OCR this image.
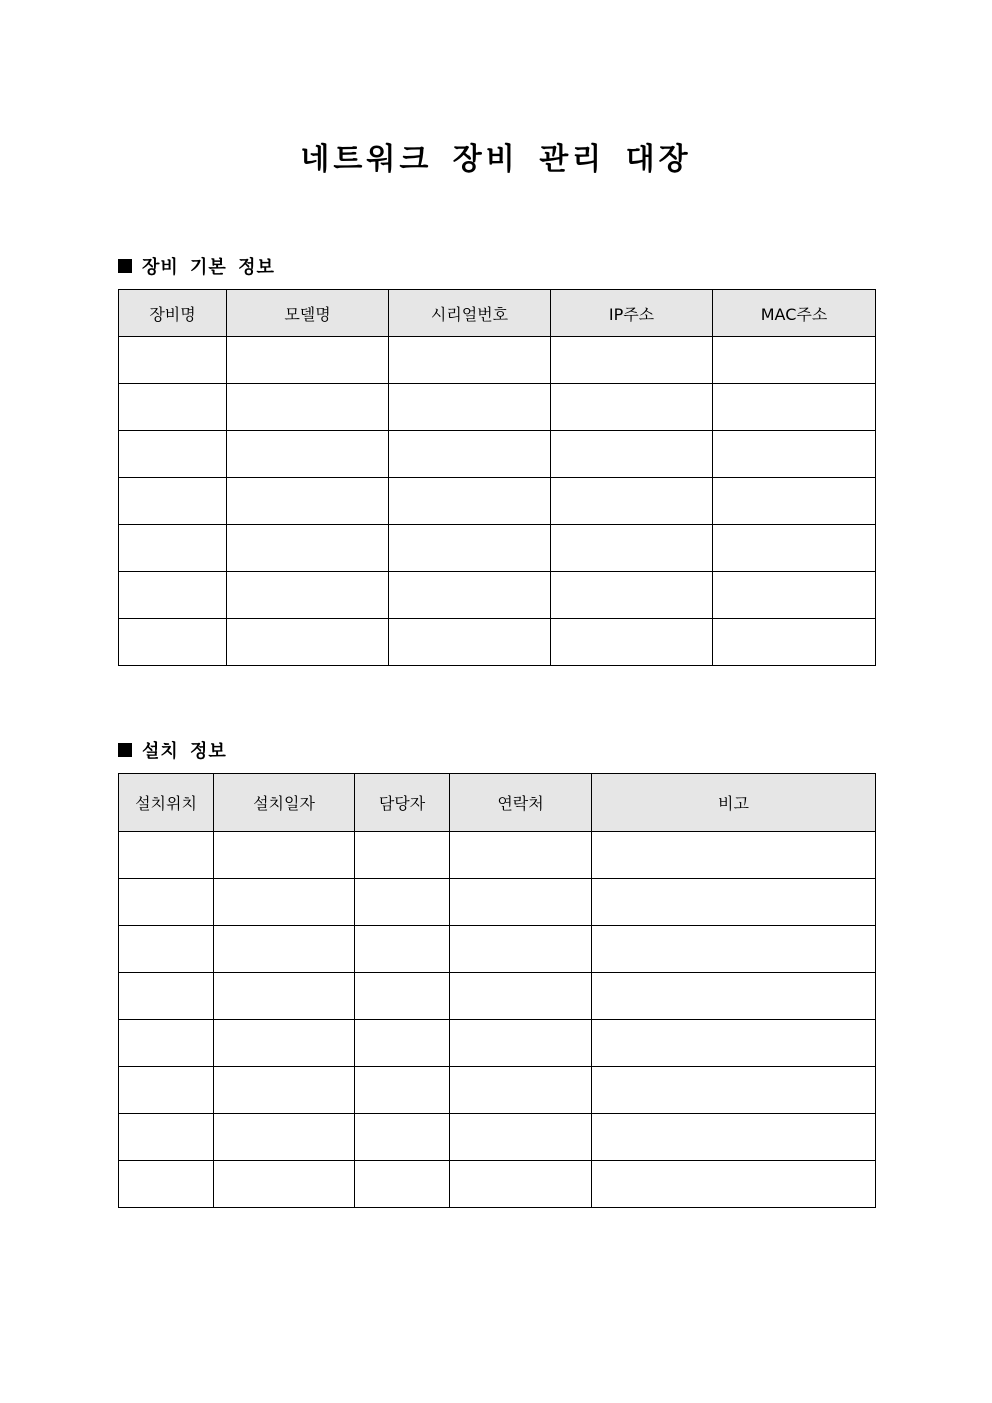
네트워크 장비 관리 대장
장비 기본 정보
장비명	모델명	시리얼번호	IP주소	MAC주소

설치 정보
설치위치	설치일자	담당자	연락처	비고
